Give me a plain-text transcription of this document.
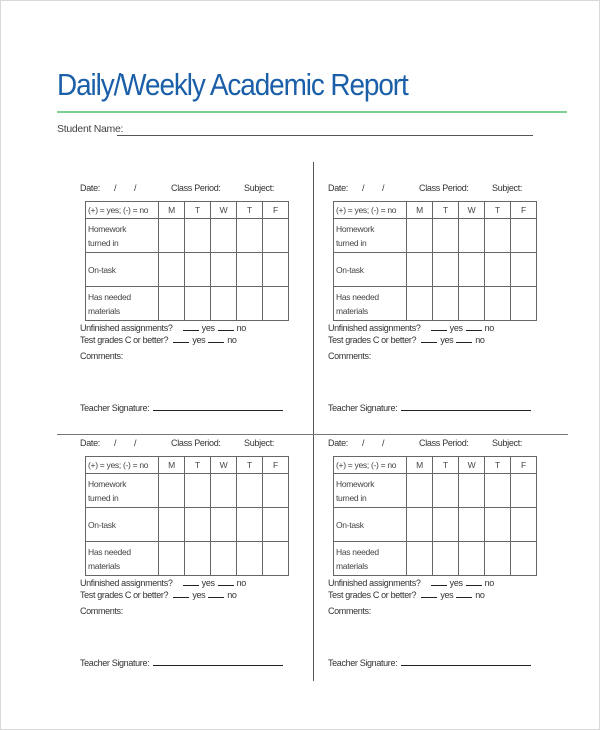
Daily/Weekly Academic Report
Student Name:
Date: / /	Class Period:	Subject:
(+) = yes; (-) = no	M	T	W	T	F
Homework
turned in					
On-task					
Has needed
materials					
Unfinished assignments?	yes no
Test grades C or better?	yes no
Comments:
Teacher Signature:
Date: / /	Class Period:	Subject:
(+) = yes; (-) = no	M	T	W	T	F
Homework
turned in					
On-task					
Has needed
materials					
Unfinished assignments?	yes no
Test grades C or better?	yes no
Comments:
Teacher Signature:
Date: / /	Class Period:	Subject:
(+) = yes; (-) = no	M	T	W	T	F
Homework
turned in					
On-task					
Has needed
materials					
Unfinished assignments?	yes no
Test grades C or better?	yes no
Comments:
Teacher Signature:
Date: / /	Class Period:	Subject:
(+) = yes; (-) = no	M	T	W	T	F
Homework
turned in					
On-task					
Has needed
materials					
Unfinished assignments?	yes no
Test grades C or better?	yes no
Comments:
Teacher Signature:
